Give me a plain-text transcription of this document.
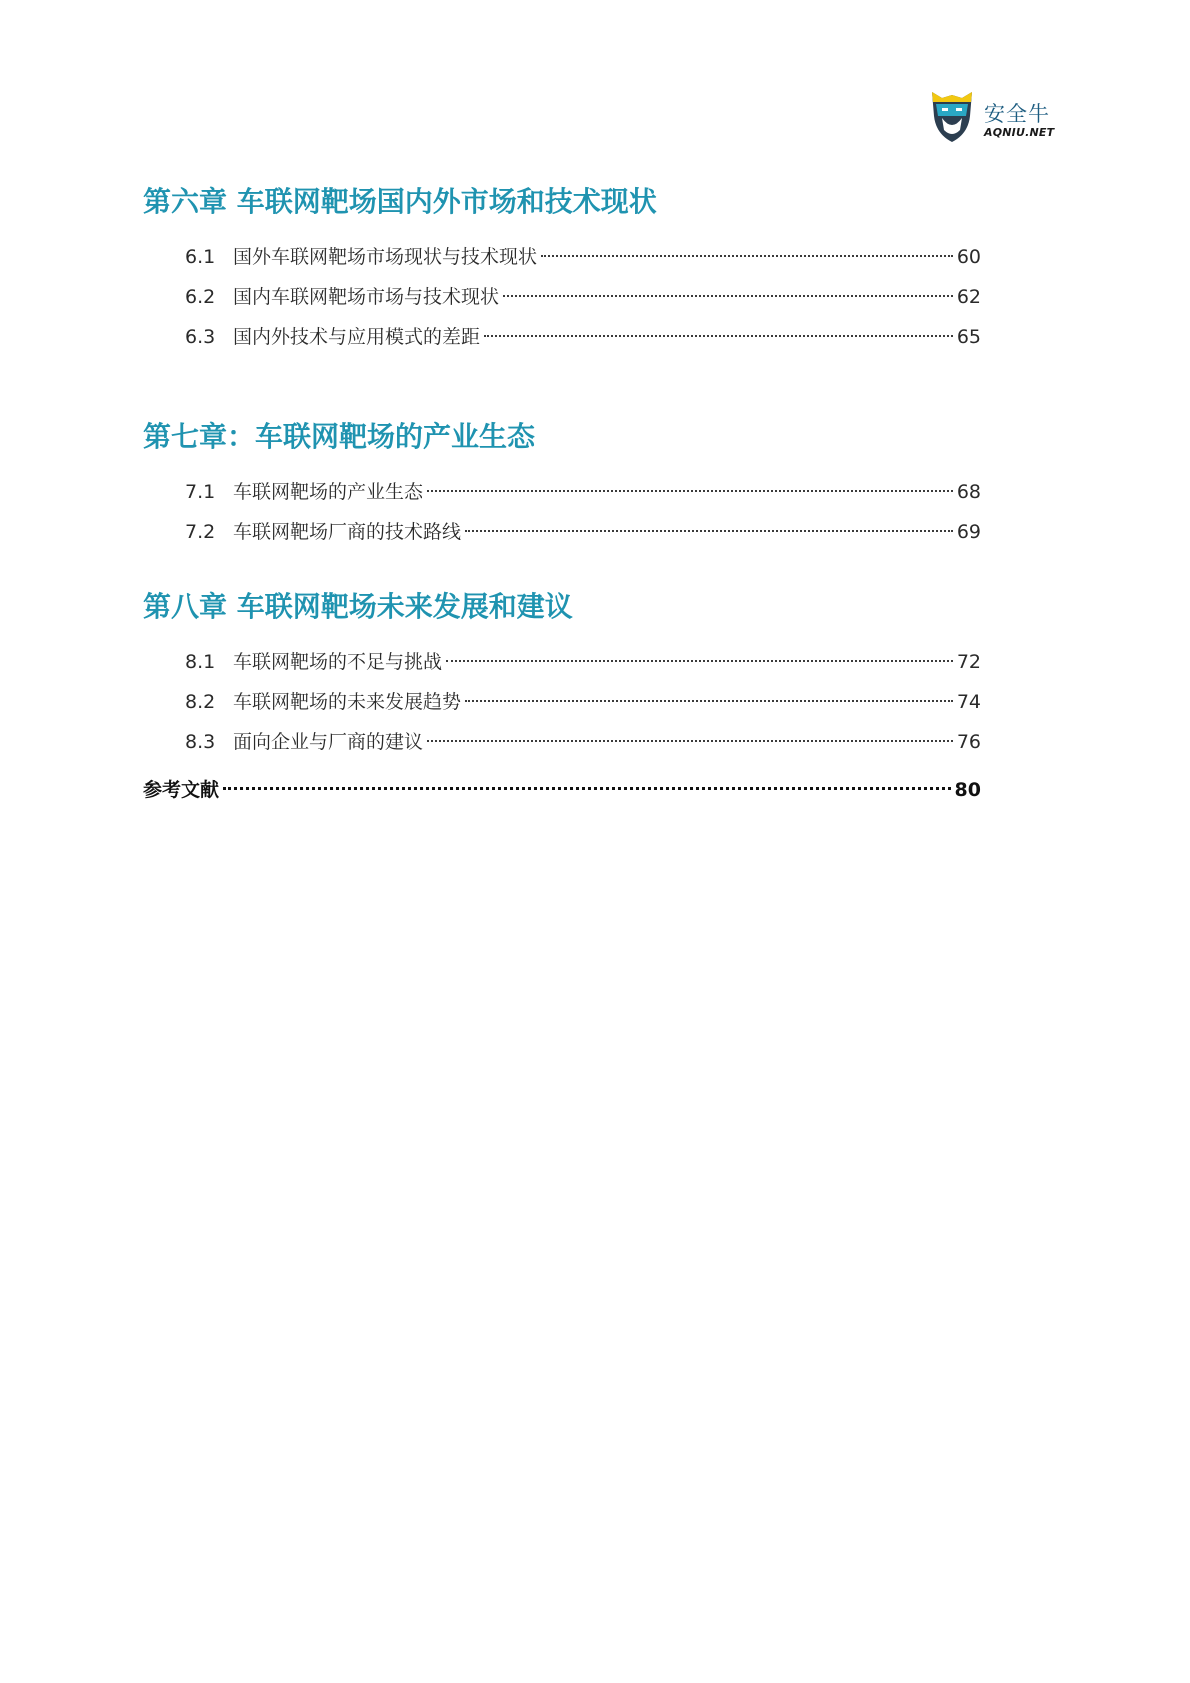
安全牛
AQNIU.NET
第六章 车联网靶场国内外市场和技术现状
6.1 国外车联网靶场市场现状与技术现状	60
6.2 国内车联网靶场市场与技术现状	62
6.3 国内外技术与应用模式的差距	65
第七章：车联网靶场的产业生态
7.1 车联网靶场的产业生态	68
7.2 车联网靶场厂商的技术路线	69
第八章 车联网靶场未来发展和建议
8.1 车联网靶场的不足与挑战	72
8.2 车联网靶场的未来发展趋势	74
8.3 面向企业与厂商的建议	76
参考文献	80
